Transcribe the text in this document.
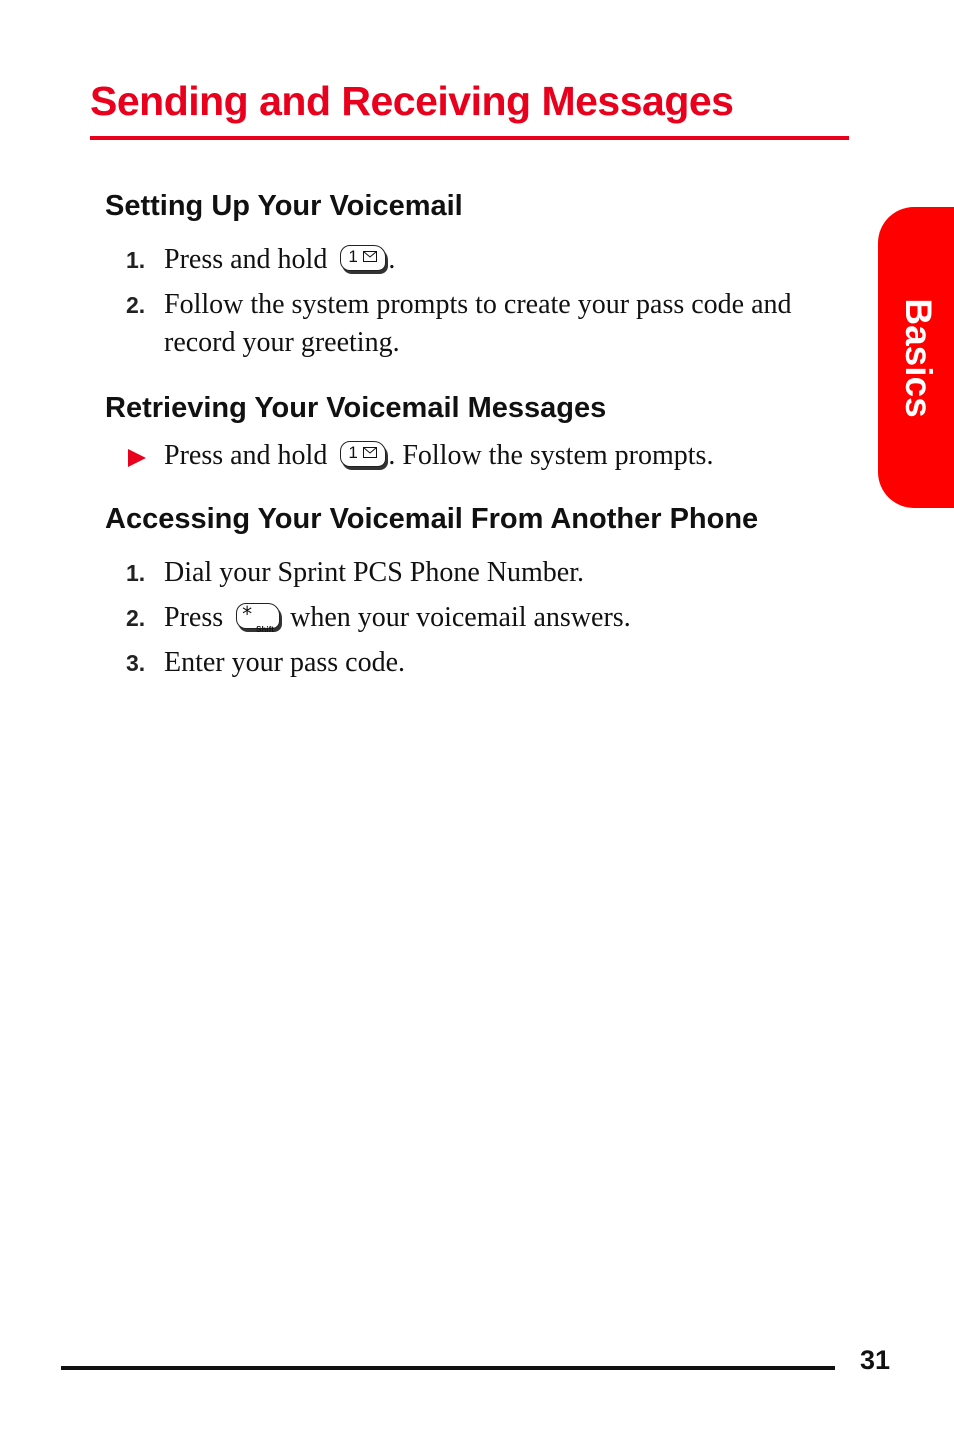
Sending and Receiving Messages
Basics
Setting Up Your Voicemail
1. Press and hold 1 .
2. Follow the system prompts to create your pass code and record your greeting.
Retrieving Your Voicemail Messages
Press and hold 1 . Follow the system prompts.
Accessing Your Voicemail From Another Phone
1. Dial your Sprint PCS Phone Number.
2. Press *
Shift when your voicemail answers.
3. Enter your pass code.
31
